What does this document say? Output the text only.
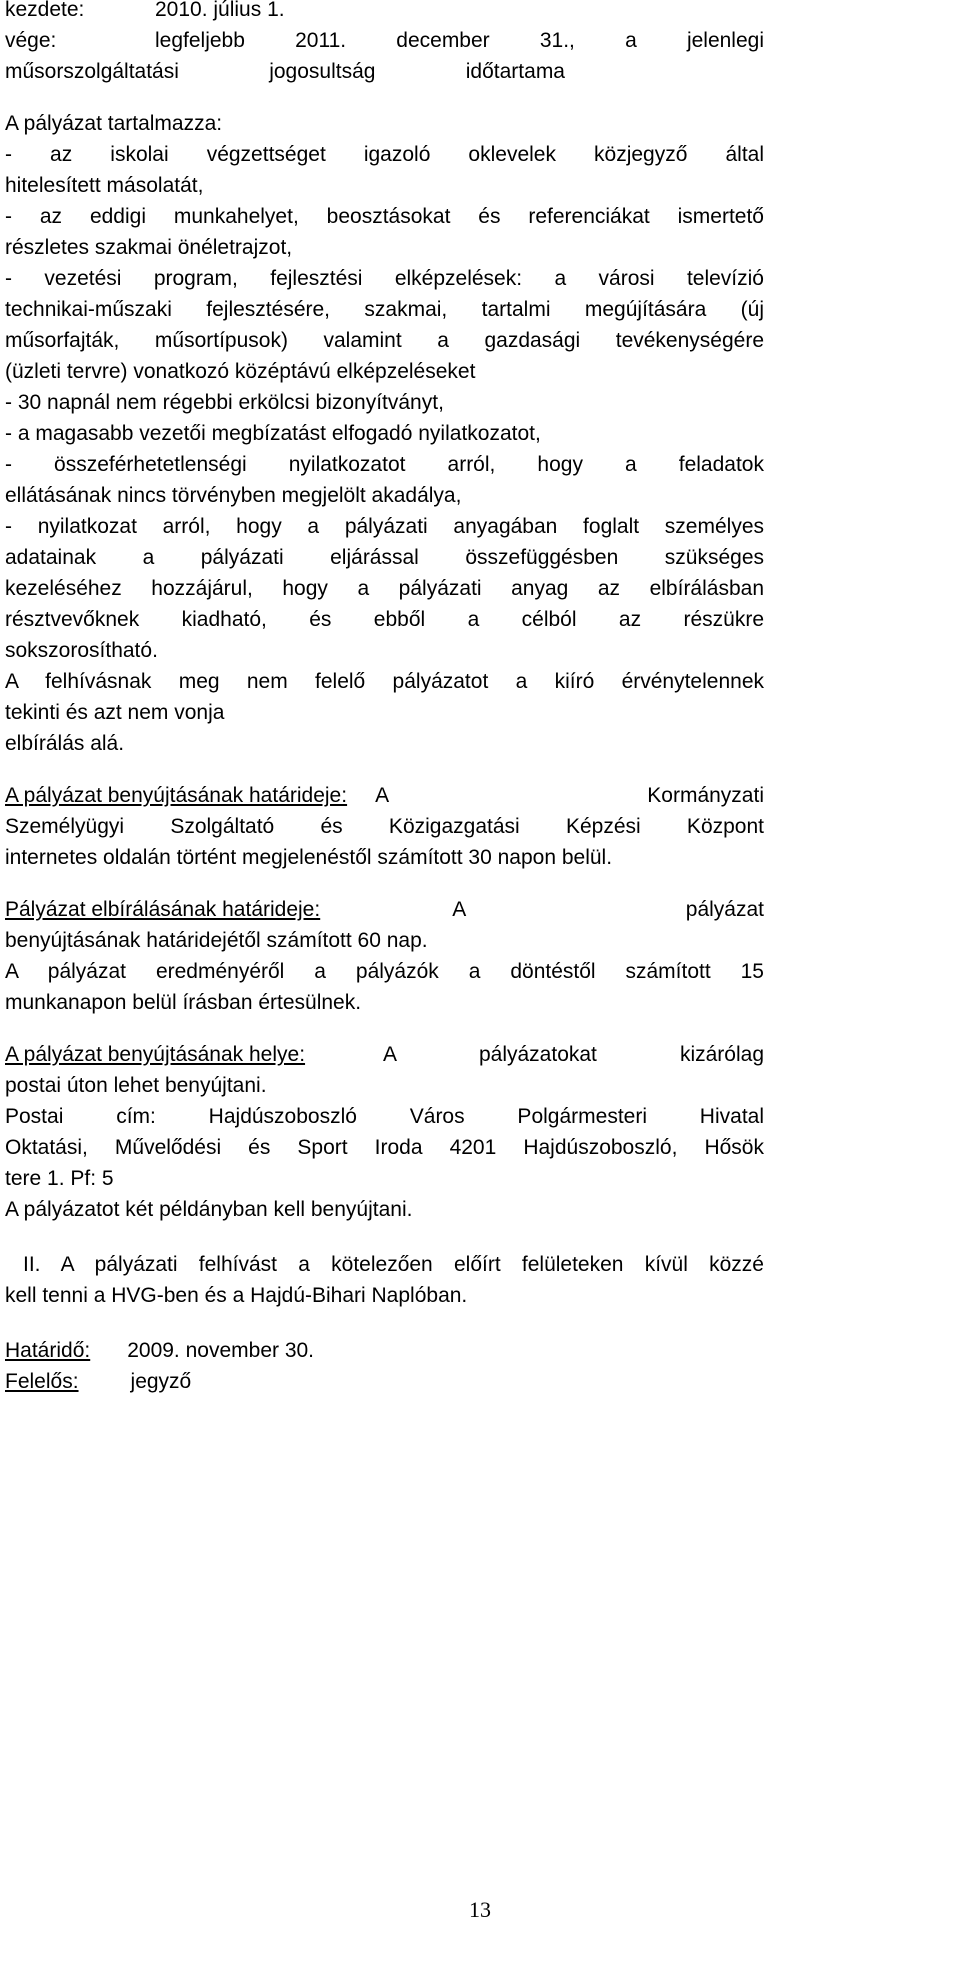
kezdete:	2010. július 1.
vége:	legfeljebb 2011. december 31., a jelenlegi
műsorszolgáltatási jogosultság időtartama
A pályázat tartalmazza:
- az iskolai végzettséget igazoló oklevelek közjegyző által
hitelesített másolatát,
- az eddigi munkahelyet, beosztásokat és referenciákat ismertető
részletes szakmai önéletrajzot,
- vezetési program, fejlesztési elképzelések: a városi televízió
technikai-műszaki fejlesztésére, szakmai, tartalmi megújítására (új
műsorfajták, műsortípusok) valamint a gazdasági tevékenységére
(üzleti tervre) vonatkozó középtávú elképzeléseket
- 30 napnál nem régebbi erkölcsi bizonyítványt,
- a magasabb vezetői megbízatást elfogadó nyilatkozatot,
- összeférhetetlenségi nyilatkozatot arról, hogy a feladatok
ellátásának nincs törvényben megjelölt akadálya,
- nyilatkozat arról, hogy a pályázati anyagában foglalt személyes
adatainak a pályázati eljárással összefüggésben szükséges
kezeléséhez hozzájárul, hogy a pályázati anyag az elbírálásban
résztvevőknek kiadható, és ebből a célból az részükre
sokszorosítható.
A felhívásnak meg nem felelő pályázatot a kiíró érvénytelennek
tekinti és azt nem vonja
elbírálás alá.
A pályázat benyújtásának határideje:	A Kormányzati
Személyügyi Szolgáltató és Közigazgatási Képzési Központ
internetes oldalán történt megjelenéstől számított 30 napon belül.
Pályázat elbírálásának határideje:	A pályázat
benyújtásának határidejétől számított 60 nap.
A pályázat eredményéről a pályázók a döntéstől számított 15
munkanapon belül írásban értesülnek.
A pályázat benyújtásának helye:	A pályázatokat kizárólag
postai úton lehet benyújtani.
Postai cím: Hajdúszoboszló Város Polgármesteri Hivatal
Oktatási, Művelődési és Sport Iroda 4201 Hajdúszoboszló, Hősök
tere 1. Pf: 5
A pályázatot két példányban kell benyújtani.
II. A pályázati felhívást a kötelezően előírt felületeken kívül közzé
kell tenni a HVG-ben és a Hajdú-Bihari Naplóban.
Határidő: 2009. november 30.
Felelős: jegyző
13
